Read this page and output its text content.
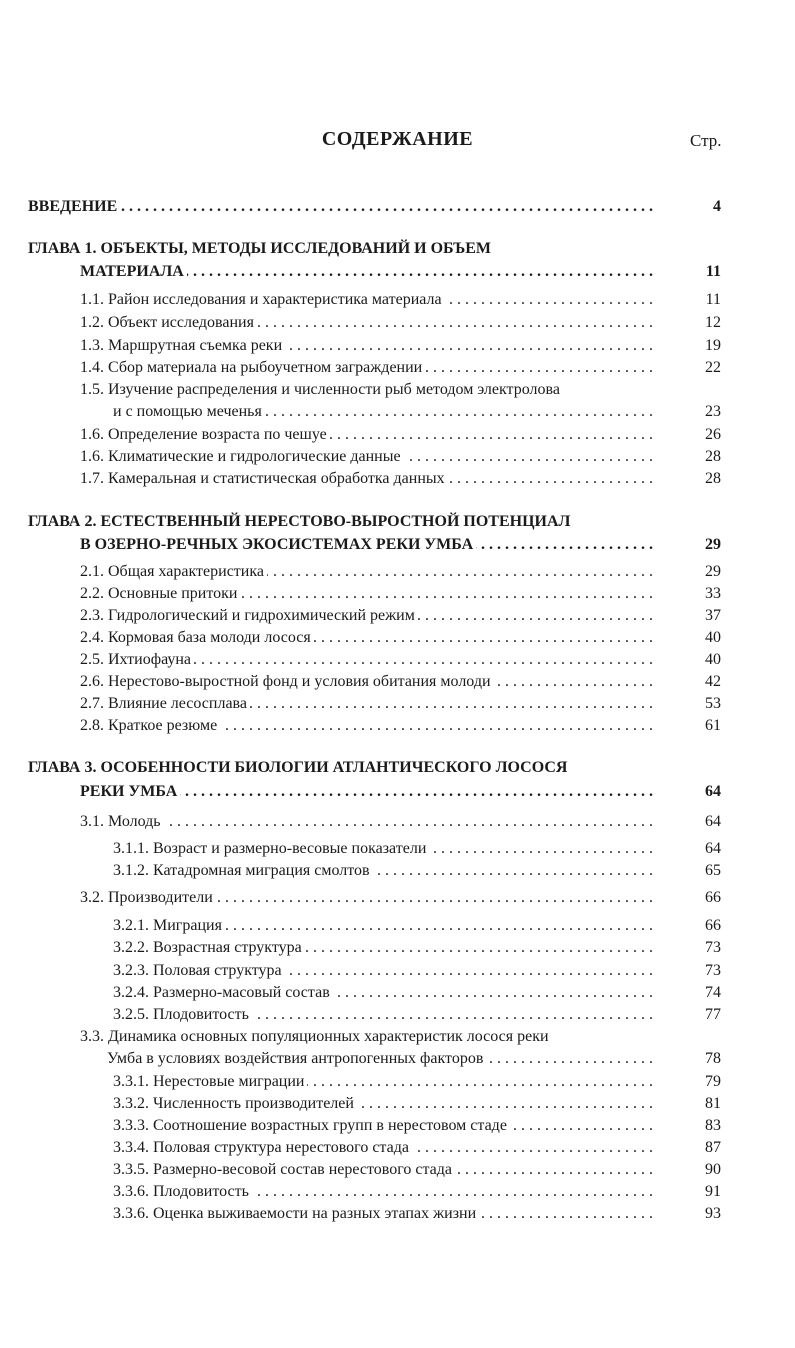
СОДЕРЖАНИЕ	Стр.
. . .
ВВЕДЕНИЕ	4
ГЛАВА 1. ОБЪЕКТЫ, МЕТОДЫ ИССЛЕДОВАНИЙ И ОБЪЕМ
. . .
МАТЕРИАЛА	11
. . .
1.1. Район исследования и характеристика материала	11
. . .
1.2. Объект исследования	12
. . .
1.3. Маршрутная съемка реки	19
. . .
1.4. Сбор материала на рыбоучетном заграждении	22
1.5. Изучение распределения и численности рыб методом электролова
. . .
и с помощью меченья	23
. . .
1.6. Определение возраста по чешуе	26
. . .
1.6. Климатические и гидрологические данные	28
. . .
1.7. Камеральная и статистическая обработка данных	28
ГЛАВА 2. ЕСТЕСТВЕННЫЙ НЕРЕСТОВО-ВЫРОСТНОЙ ПОТЕНЦИАЛ
. . .
В ОЗЕРНО-РЕЧНЫХ ЭКОСИСТЕМАХ РЕКИ УМБА	29
. . .
2.1. Общая характеристика	29
. . .
2.2. Основные притоки	33
. . .
2.3. Гидрологический и гидрохимический режим	37
. . .
2.4. Кормовая база молоди лосося	40
. . .
2.5. Ихтиофауна	40
. . .
2.6. Нерестово-выростной фонд и условия обитания молоди	42
. . .
2.7. Влияние лесосплава	53
. . .
2.8. Краткое резюме	61
ГЛАВА 3. ОСОБЕННОСТИ БИОЛОГИИ АТЛАНТИЧЕСКОГО ЛОСОСЯ
. . .
РЕКИ УМБА	64
. . .
3.1. Молодь	64
. . .
3.1.1. Возраст и размерно-весовые показатели	64
. . .
3.1.2. Катадромная миграция смолтов	65
. . .
3.2. Производители	66
. . .
3.2.1. Миграция	66
. . .
3.2.2. Возрастная структура	73
. . .
3.2.3. Половая структура	73
. . .
3.2.4. Размерно-масовый состав	74
. . .
3.2.5. Плодовитость	77
3.3. Динамика основных популяционных характеристик лосося реки
. . .
Умба в условиях воздействия антропогенных факторов	78
. . .
3.3.1. Нерестовые миграции	79
. . .
3.3.2. Численность производителей	81
. . .
3.3.3. Соотношение возрастных групп в нерестовом стаде	83
. . .
3.3.4. Половая структура нерестового стада	87
. . .
3.3.5. Размерно-весовой состав нерестового стада	90
. . .
3.3.6. Плодовитость	91
. . .
3.3.6. Оценка выживаемости на разных этапах жизни	93
